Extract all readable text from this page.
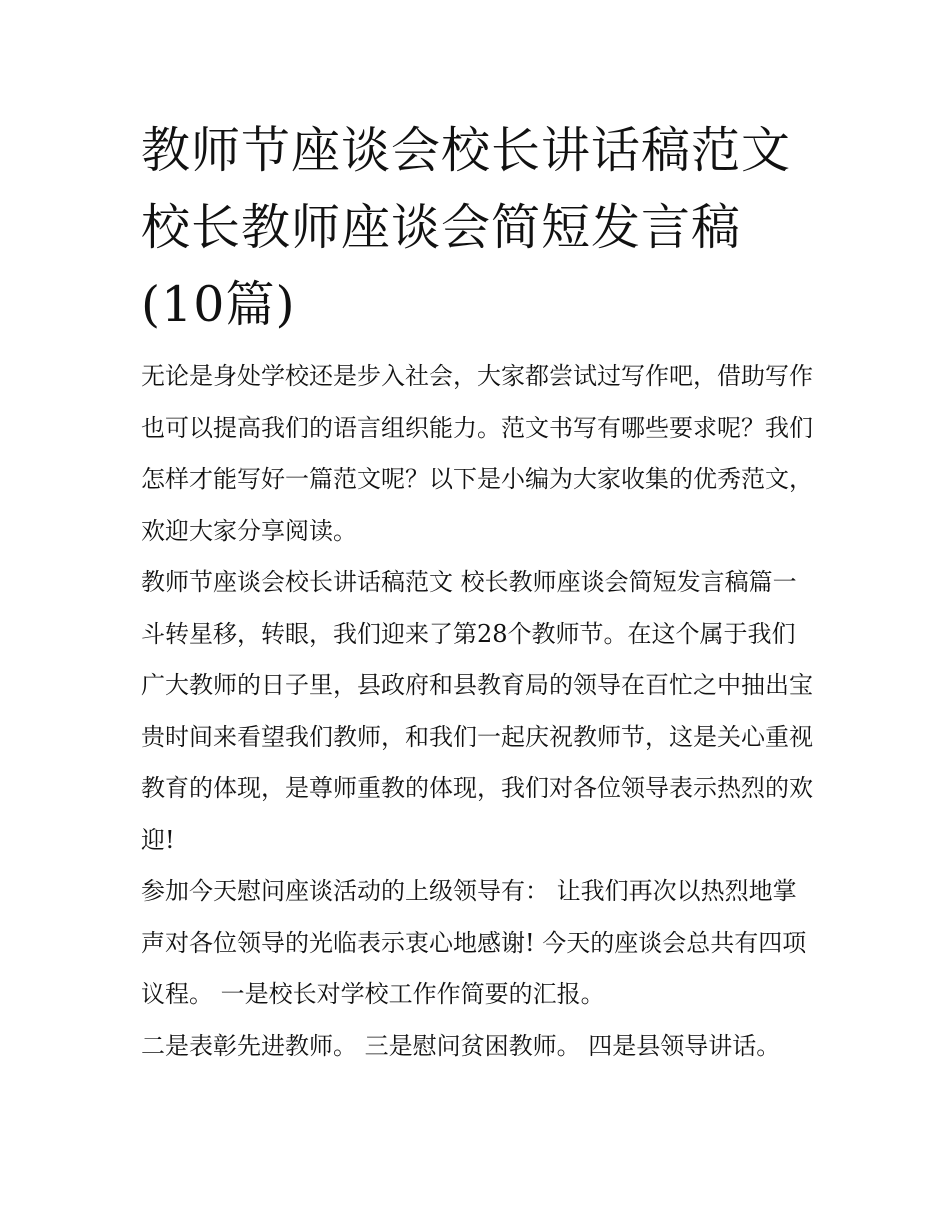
教师节座谈会校长讲话稿范文 校长教师座谈会简短发言稿(10篇)

无论是身处学校还是步入社会，大家都尝试过写作吧，借助写作也可以提高我们的语言组织能力。范文书写有哪些要求呢？我们怎样才能写好一篇范文呢？以下是小编为大家收集的优秀范文，欢迎大家分享阅读。

教师节座谈会校长讲话稿范文 校长教师座谈会简短发言稿篇一

斗转星移，转眼，我们迎来了第28个教师节。在这个属于我们广大教师的日子里，县政府和县教育局的领导在百忙之中抽出宝贵时间来看望我们教师，和我们一起庆祝教师节，这是关心重视教育的体现，是尊师重教的体现，我们对各位领导表示热烈的欢迎!

参加今天慰问座谈活动的上级领导有： 让我们再次以热烈地掌声对各位领导的光临表示衷心地感谢! 今天的座谈会总共有四项议程。 一是校长对学校工作作简要的汇报。

二是表彰先进教师。 三是慰问贫困教师。 四是县领导讲话。
